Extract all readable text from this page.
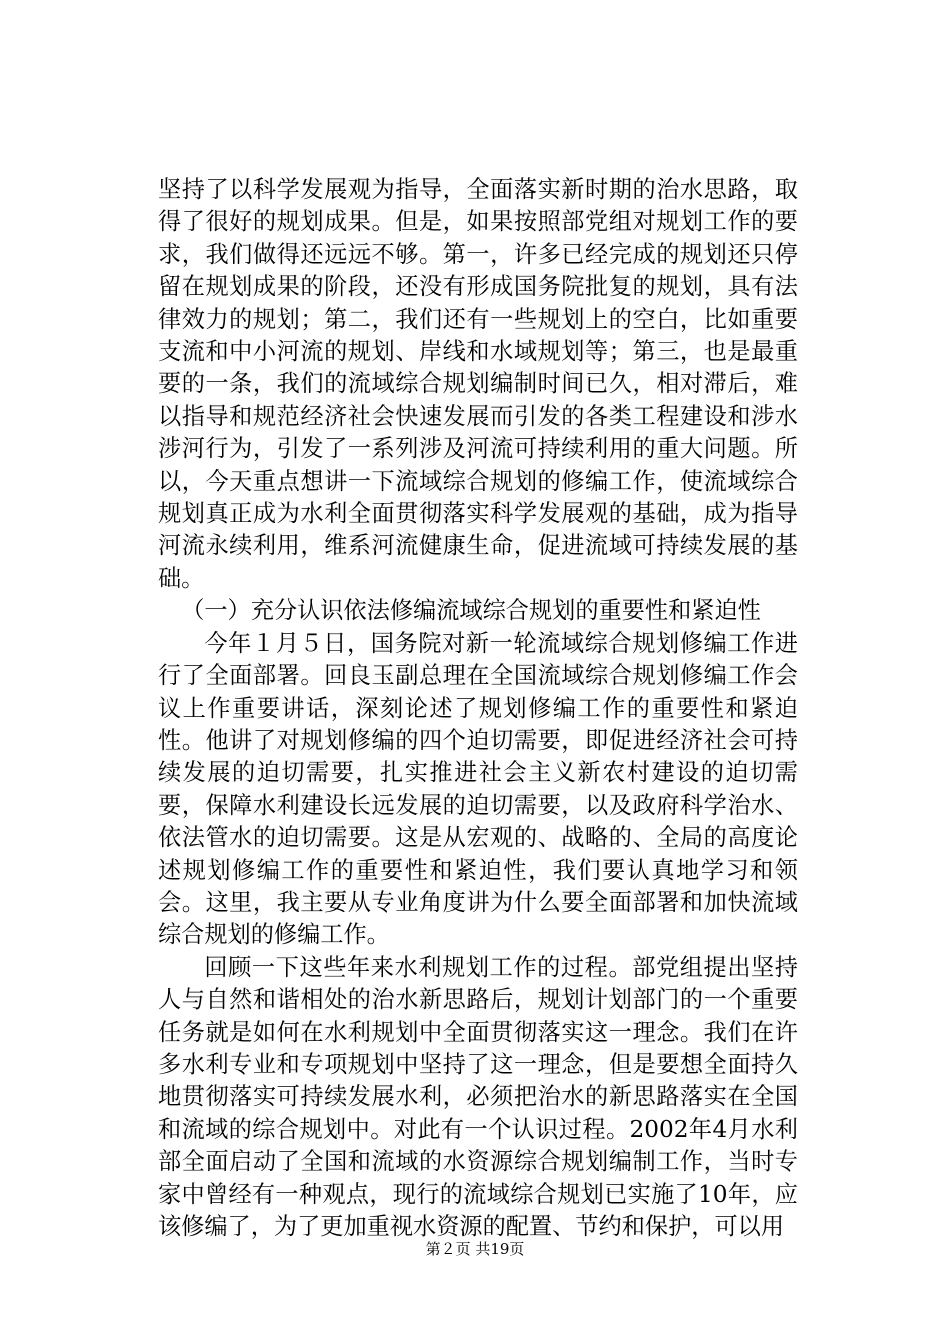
坚持了以科学发展观为指导，全面落实新时期的治水思路，取得了很好的规划成果。但是，如果按照部党组对规划工作的要求，我们做得还远远不够。第一，许多已经完成的规划还只停留在规划成果的阶段，还没有形成国务院批复的规划，具有法律效力的规划；第二，我们还有一些规划上的空白，比如重要支流和中小河流的规划、岸线和水域规划等；第三，也是最重要的一条，我们的流域综合规划编制时间已久，相对滞后，难以指导和规范经济社会快速发展而引发的各类工程建设和涉水涉河行为，引发了一系列涉及河流可持续利用的重大问题。所以，今天重点想讲一下流域综合规划的修编工作，使流域综合规划真正成为水利全面贯彻落实科学发展观的基础，成为指导河流永续利用，维系河流健康生命，促进流域可持续发展的基础。

（一）充分认识依法修编流域综合规划的重要性和紧迫性

今年１月５日，国务院对新一轮流域综合规划修编工作进行了全面部署。回良玉副总理在全国流域综合规划修编工作会议上作重要讲话，深刻论述了规划修编工作的重要性和紧迫性。他讲了对规划修编的四个迫切需要，即促进经济社会可持续发展的迫切需要，扎实推进社会主义新农村建设的迫切需要，保障水利建设长远发展的迫切需要，以及政府科学治水、依法管水的迫切需要。这是从宏观的、战略的、全局的高度论述规划修编工作的重要性和紧迫性，我们要认真地学习和领会。这里，我主要从专业角度讲为什么要全面部署和加快流域综合规划的修编工作。

回顾一下这些年来水利规划工作的过程。部党组提出坚持人与自然和谐相处的治水新思路后，规划计划部门的一个重要任务就是如何在水利规划中全面贯彻落实这一理念。我们在许多水利专业和专项规划中坚持了这一理念，但是要想全面持久地贯彻落实可持续发展水利，必须把治水的新思路落实在全国和流域的综合规划中。对此有一个认识过程。2002年4月水利部全面启动了全国和流域的水资源综合规划编制工作，当时专家中曾经有一种观点，现行的流域综合规划已实施了10年，应该修编了，为了更加重视水资源的配置、节约和保护，可以用

第２页 共19页
